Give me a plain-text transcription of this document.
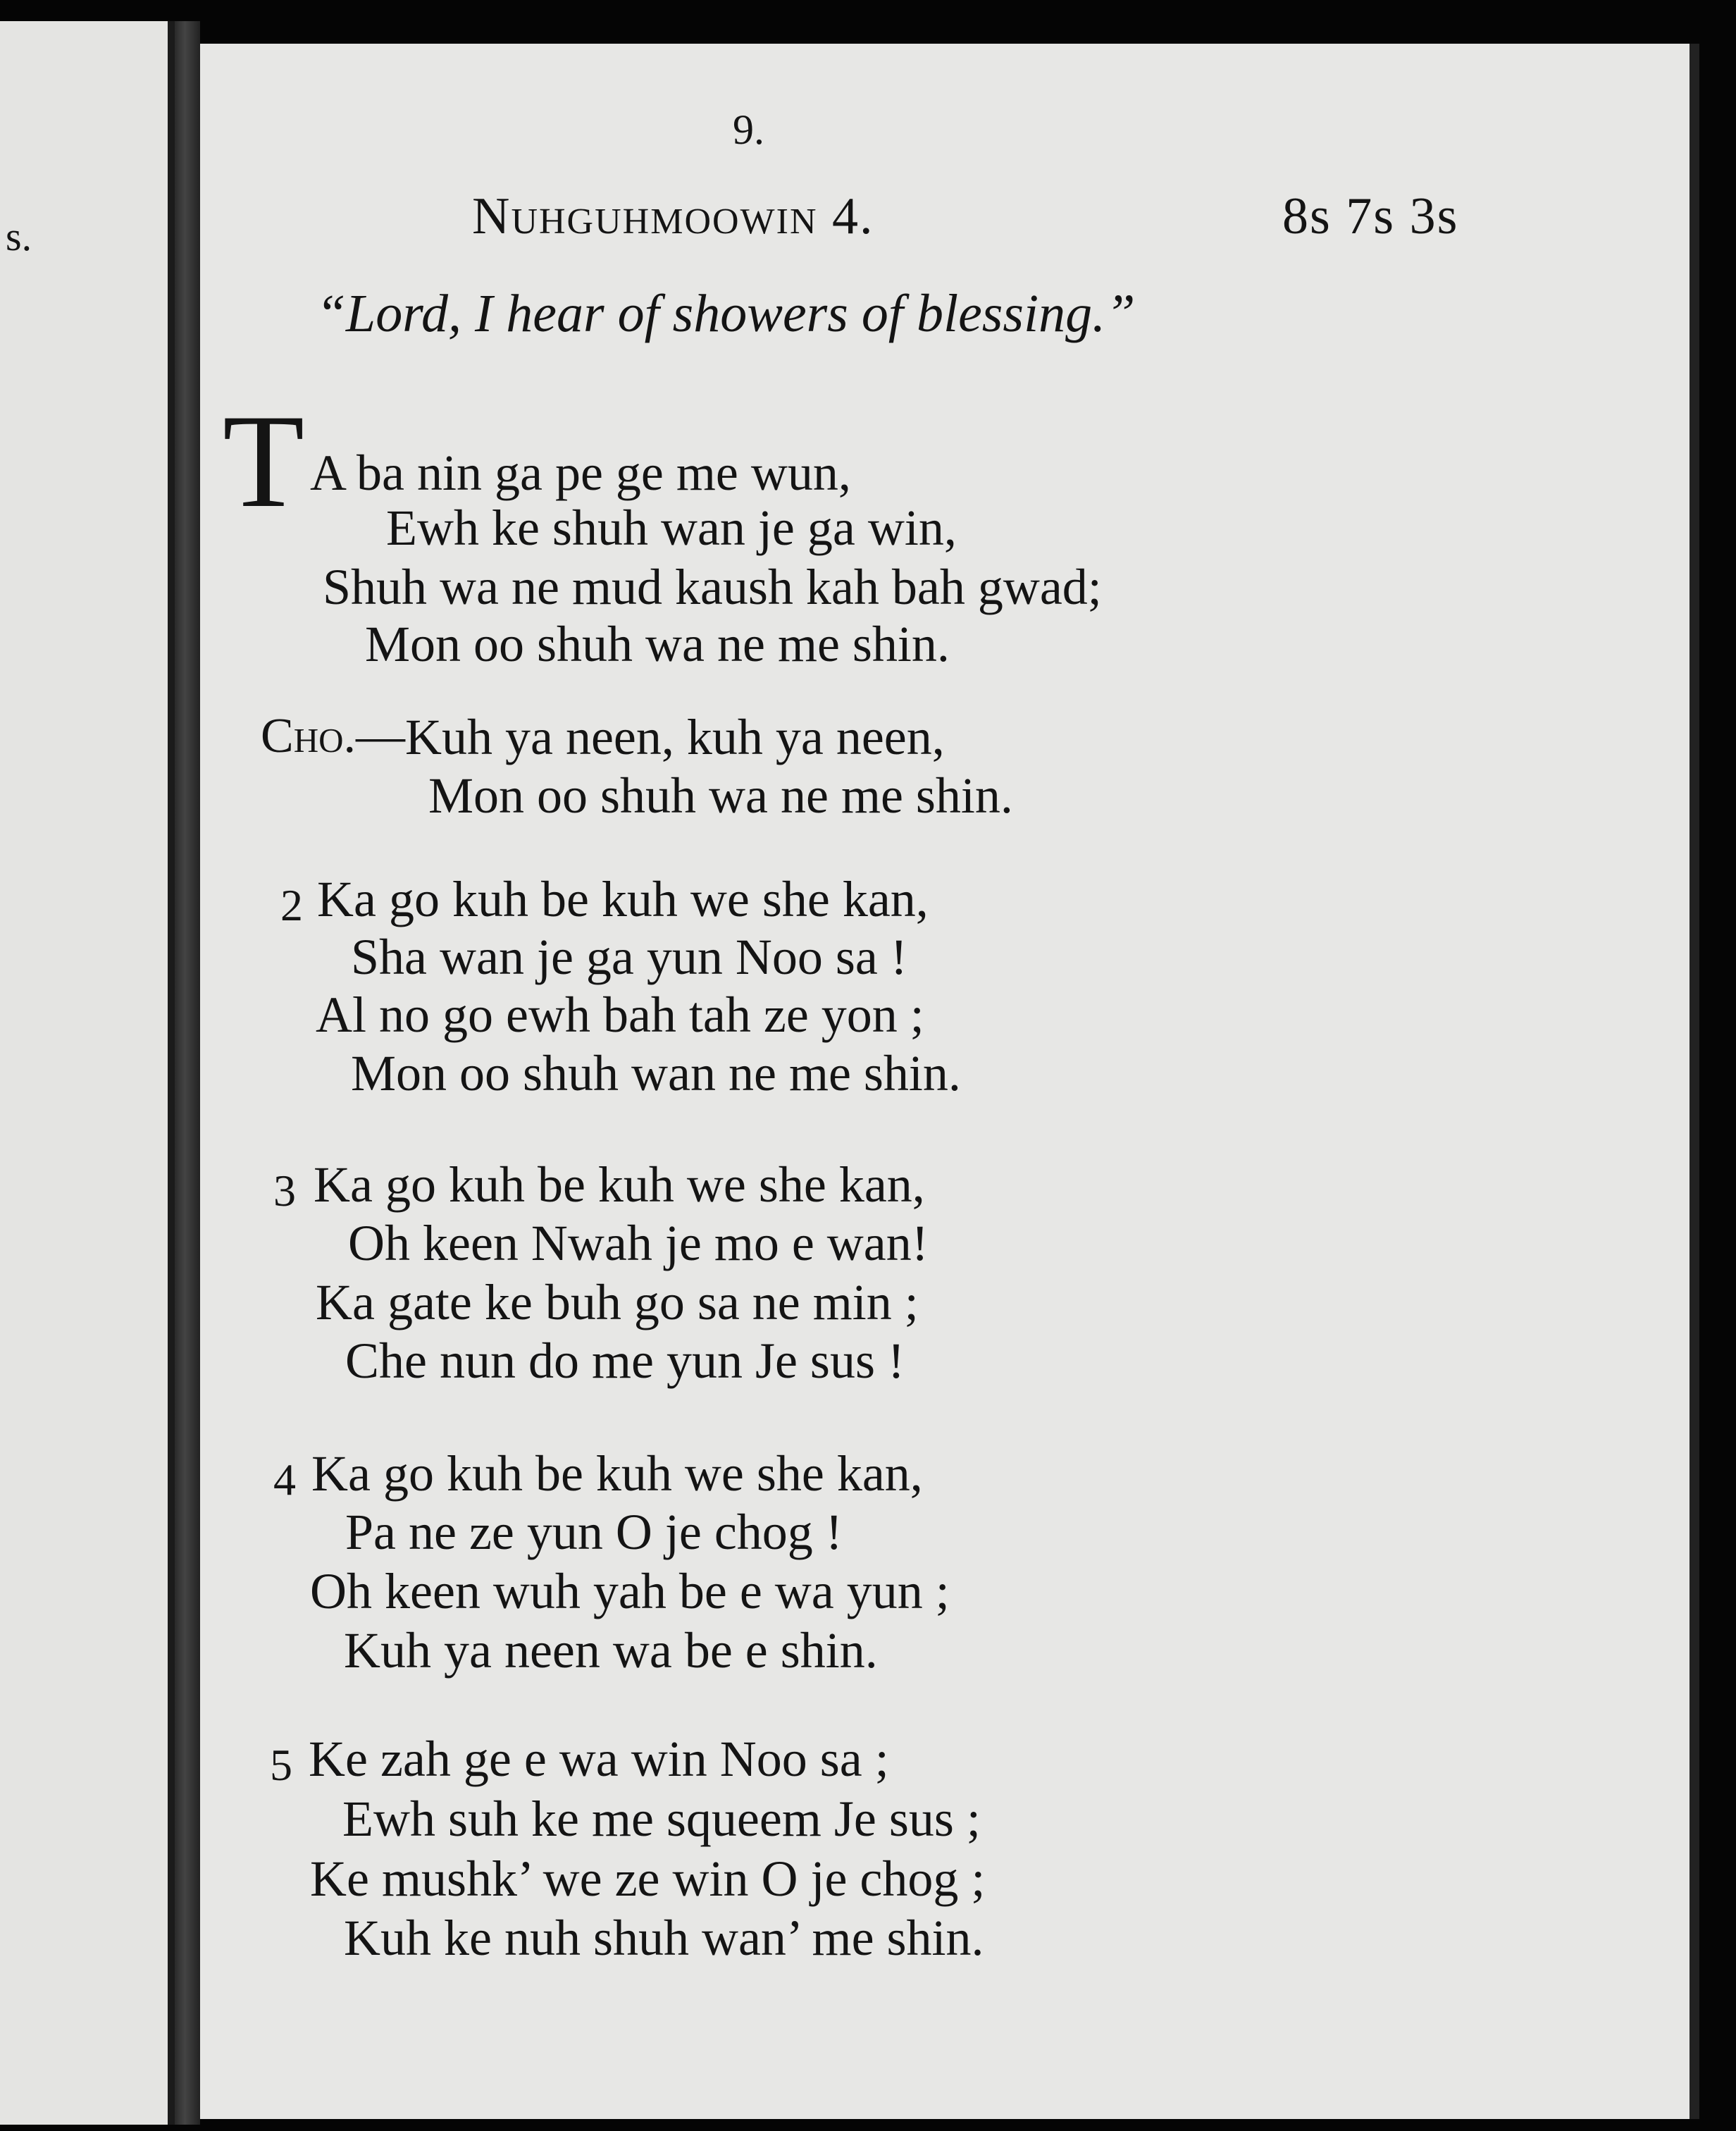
s.
9.
Nuhguhmoowin 4.	8s 7s 3s
“Lord, I hear of showers of blessing.”
T A ba nin ga pe ge me wun,
Ewh ke shuh wan je ga win,
Shuh wa ne mud kaush kah bah gwad;
Mon oo shuh wa ne me shin.
Cho.— Kuh ya neen, kuh ya neen,
Mon oo shuh wa ne me shin.
2 Ka go kuh be kuh we she kan,
Sha wan je ga yun Noo sa !
Al no go ewh bah tah ze yon ;
Mon oo shuh wan ne me shin.
3 Ka go kuh be kuh we she kan,
Oh keen Nwah je mo e wan!
Ka gate ke buh go sa ne min ;
Che nun do me yun Je sus !
4 Ka go kuh be kuh we she kan,
Pa ne ze yun O je chog !
Oh keen wuh yah be e wa yun ;
Kuh ya neen wa be e shin.
5 Ke zah ge e wa win Noo sa ;
Ewh suh ke me squeem Je sus ;
Ke mushk’ we ze win O je chog ;
Kuh ke nuh shuh wan’ me shin.
